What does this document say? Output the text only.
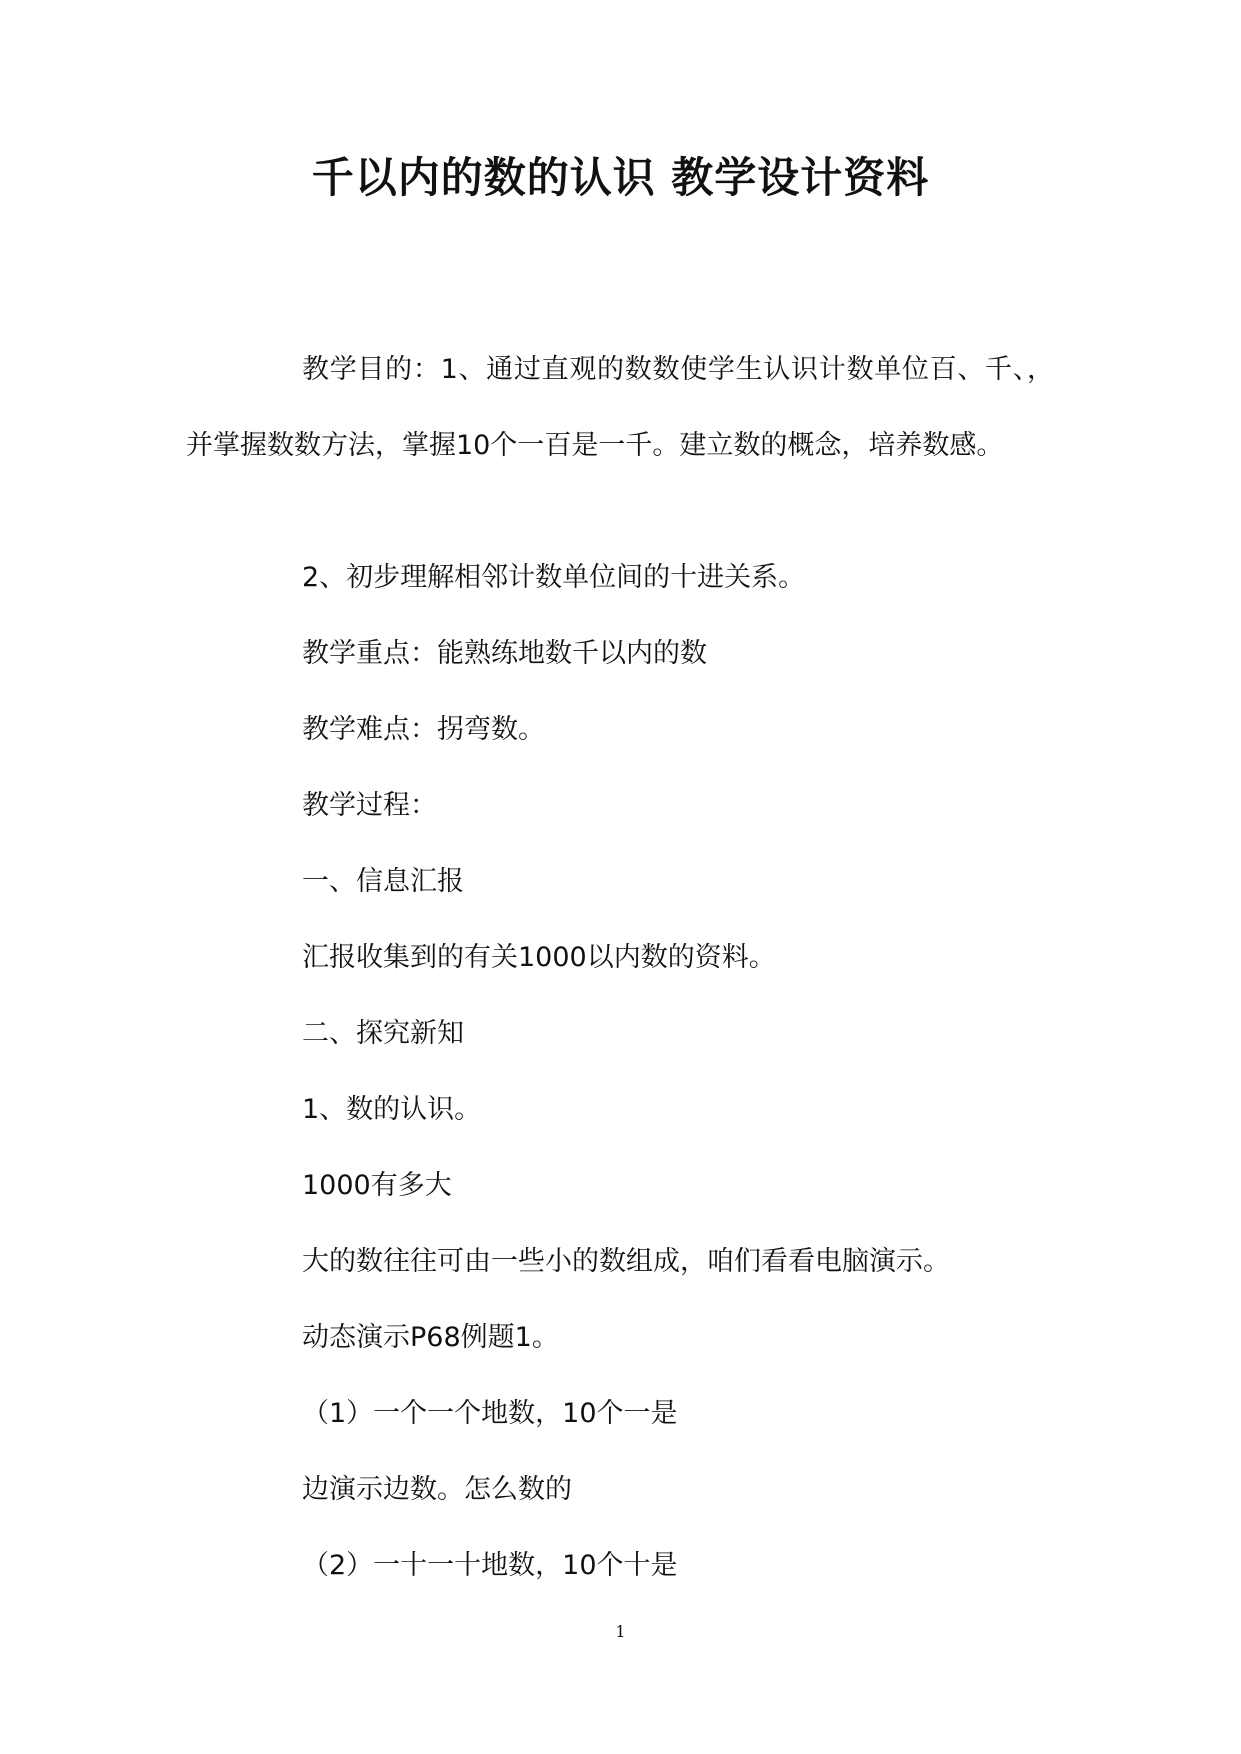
千以内的数的认识 教学设计资料

教学目的：1、通过直观的数数使学生认识计数单位百、千、，并掌握数数方法，掌握10个一百是一千。建立数的概念，培养数感。

2、初步理解相邻计数单位间的十进关系。

教学重点：能熟练地数千以内的数

教学难点：拐弯数。

教学过程：

一、信息汇报

汇报收集到的有关1000以内数的资料。

二、探究新知

1、数的认识。

1000有多大

大的数往往可由一些小的数组成，咱们看看电脑演示。

动态演示P68例题1。

（1）一个一个地数，10个一是

边演示边数。怎么数的

（2）一十一十地数，10个十是

1
